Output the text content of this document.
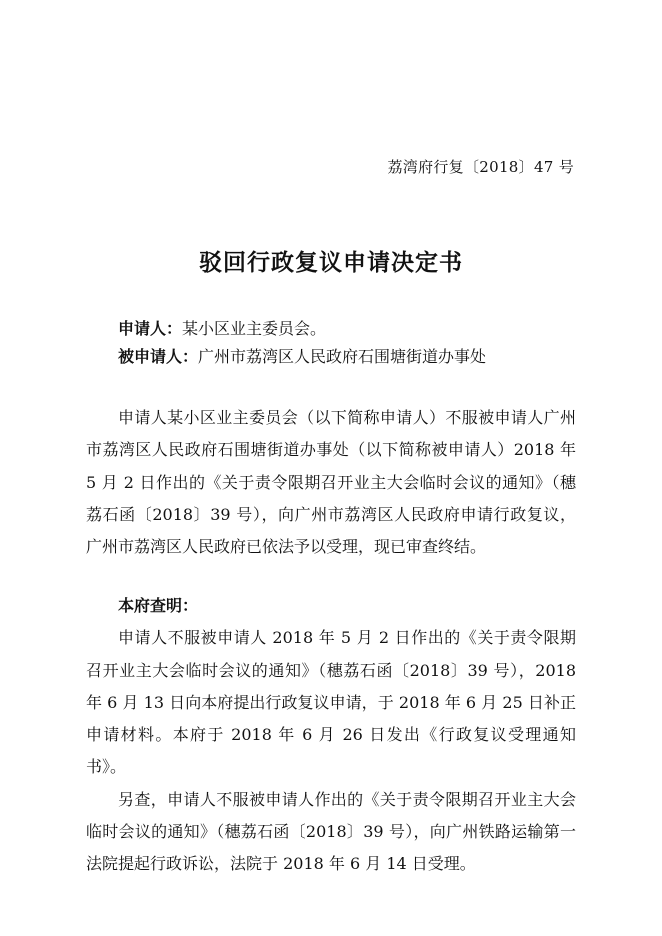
荔湾府行复〔2018〕47 号
驳回行政复议申请决定书
申请人：某小区业主委员会。
被申请人：广州市荔湾区人民政府石围塘街道办事处

申请人某小区业主委员会（以下简称申请人）不服被申请人广州市荔湾区人民政府石围塘街道办事处（以下简称被申请人）2018 年 5 月 2 日作出的《关于责令限期召开业主大会临时会议的通知》（穗荔石函〔2018〕39 号），向广州市荔湾区人民政府申请行政复议，广州市荔湾区人民政府已依法予以受理，现已审查终结。

本府查明：

申请人不服被申请人 2018 年 5 月 2 日作出的《关于责令限期召开业主大会临时会议的通知》（穗荔石函〔2018〕39 号），2018 年 6 月 13 日向本府提出行政复议申请，于 2018 年 6 月 25 日补正申请材料。本府于 2018 年 6 月 26 日发出《行政复议受理通知书》。

另查，申请人不服被申请人作出的《关于责令限期召开业主大会临时会议的通知》（穗荔石函〔2018〕39 号），向广州铁路运输第一法院提起行政诉讼，法院于 2018 年 6 月 14 日受理。
